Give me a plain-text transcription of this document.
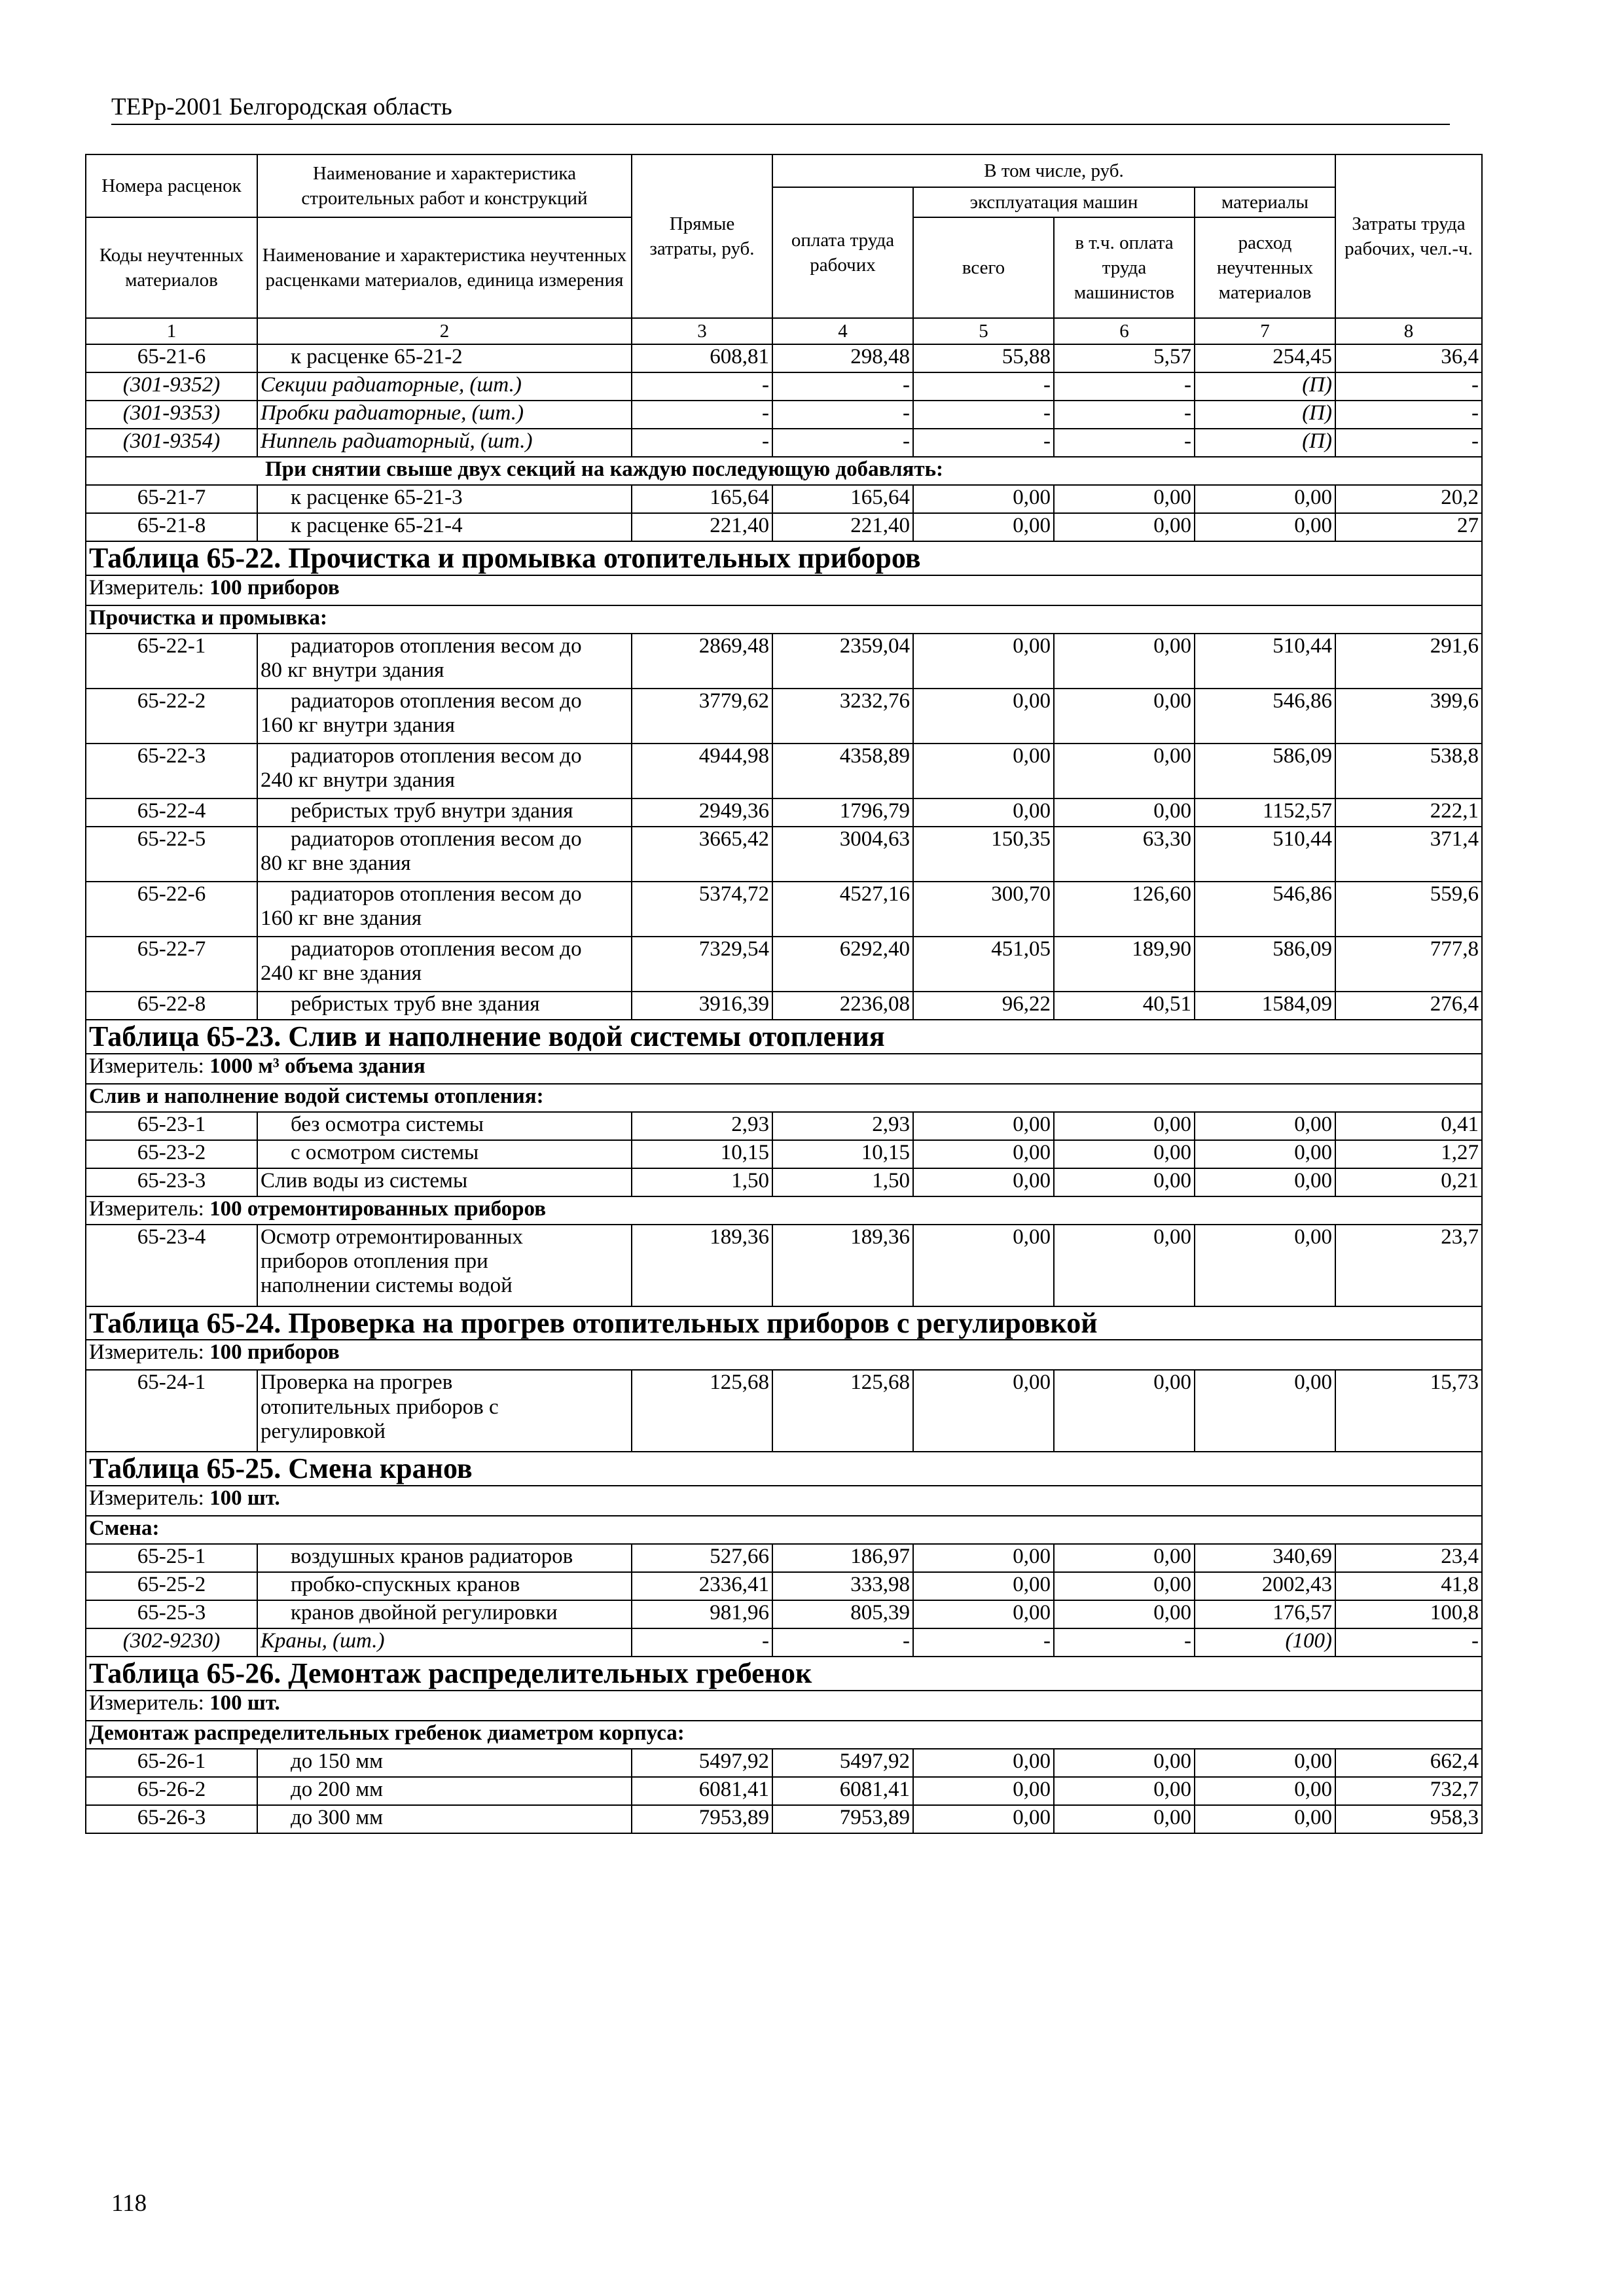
ТЕРр-2001 Белгородская область
Номера расценок	Наименование и характеристика строительных работ и конструкций	Прямые затраты, руб.	В том числе, руб.				Затраты труда рабочих, чел.-ч.
			оплата труда рабочих	эксплуатация машин		материалы	
Коды неучтенных материалов	Наименование и характеристика неучтенных расценками материалов, единица измерения			всего	в т.ч. оплата труда машинистов	расход неучтенных материалов	

1	2	3	4	5	6	7	8
65-21-6	к расценке 65-21-2	608,81	298,48	55,88	5,57	254,45	36,4
(301-9352)	Секции радиаторные, (шт.)	-	-	-	-	(П)	-
(301-9353)	Пробки радиаторные, (шт.)	-	-	-	-	(П)	-
(301-9354)	Ниппель радиаторный, (шт.)	-	-	-	-	(П)	-
При снятии свыше двух секций на каждую последующую добавлять:							
65-21-7	к расценке 65-21-3	165,64	165,64	0,00	0,00	0,00	20,2
65-21-8	к расценке 65-21-4	221,40	221,40	0,00	0,00	0,00	27
Таблица 65-22. Прочистка и промывка отопительных приборов							
Измеритель: 100 приборов							
Прочистка и промывка:							
65-22-1	радиаторов отопления весом до
80 кг внутри здания	2869,48	2359,04	0,00	0,00	510,44	291,6
65-22-2	радиаторов отопления весом до
160 кг внутри здания	3779,62	3232,76	0,00	0,00	546,86	399,6
65-22-3	радиаторов отопления весом до
240 кг внутри здания	4944,98	4358,89	0,00	0,00	586,09	538,8
65-22-4	ребристых труб внутри здания	2949,36	1796,79	0,00	0,00	1152,57	222,1
65-22-5	радиаторов отопления весом до
80 кг вне здания	3665,42	3004,63	150,35	63,30	510,44	371,4
65-22-6	радиаторов отопления весом до
160 кг вне здания	5374,72	4527,16	300,70	126,60	546,86	559,6
65-22-7	радиаторов отопления весом до
240 кг вне здания	7329,54	6292,40	451,05	189,90	586,09	777,8
65-22-8	ребристых труб вне здания	3916,39	2236,08	96,22	40,51	1584,09	276,4
Таблица 65-23. Слив и наполнение водой системы отопления							
Измеритель: 1000 м³ объема здания							
Слив и наполнение водой системы отопления:							
65-23-1	без осмотра системы	2,93	2,93	0,00	0,00	0,00	0,41
65-23-2	с осмотром системы	10,15	10,15	0,00	0,00	0,00	1,27
65-23-3	Слив воды из системы	1,50	1,50	0,00	0,00	0,00	0,21
Измеритель: 100 отремонтированных приборов							
65-23-4	Осмотр отремонтированных
приборов отопления при
наполнении системы водой	189,36	189,36	0,00	0,00	0,00	23,7
Таблица 65-24. Проверка на прогрев отопительных приборов с регулировкой							
Измеритель: 100 приборов							
65-24-1	Проверка на прогрев
отопительных приборов с
регулировкой	125,68	125,68	0,00	0,00	0,00	15,73
Таблица 65-25. Смена кранов							
Измеритель: 100 шт.							
Смена:							
65-25-1	воздушных кранов радиаторов	527,66	186,97	0,00	0,00	340,69	23,4
65-25-2	пробко-спускных кранов	2336,41	333,98	0,00	0,00	2002,43	41,8
65-25-3	кранов двойной регулировки	981,96	805,39	0,00	0,00	176,57	100,8
(302-9230)	Краны, (шт.)	-	-	-	-	(100)	-
Таблица 65-26. Демонтаж распределительных гребенок							
Измеритель: 100 шт.							
Демонтаж распределительных гребенок диаметром корпуса:							
65-26-1	до 150 мм	5497,92	5497,92	0,00	0,00	0,00	662,4
65-26-2	до 200 мм	6081,41	6081,41	0,00	0,00	0,00	732,7
65-26-3	до 300 мм	7953,89	7953,89	0,00	0,00	0,00	958,3
118
